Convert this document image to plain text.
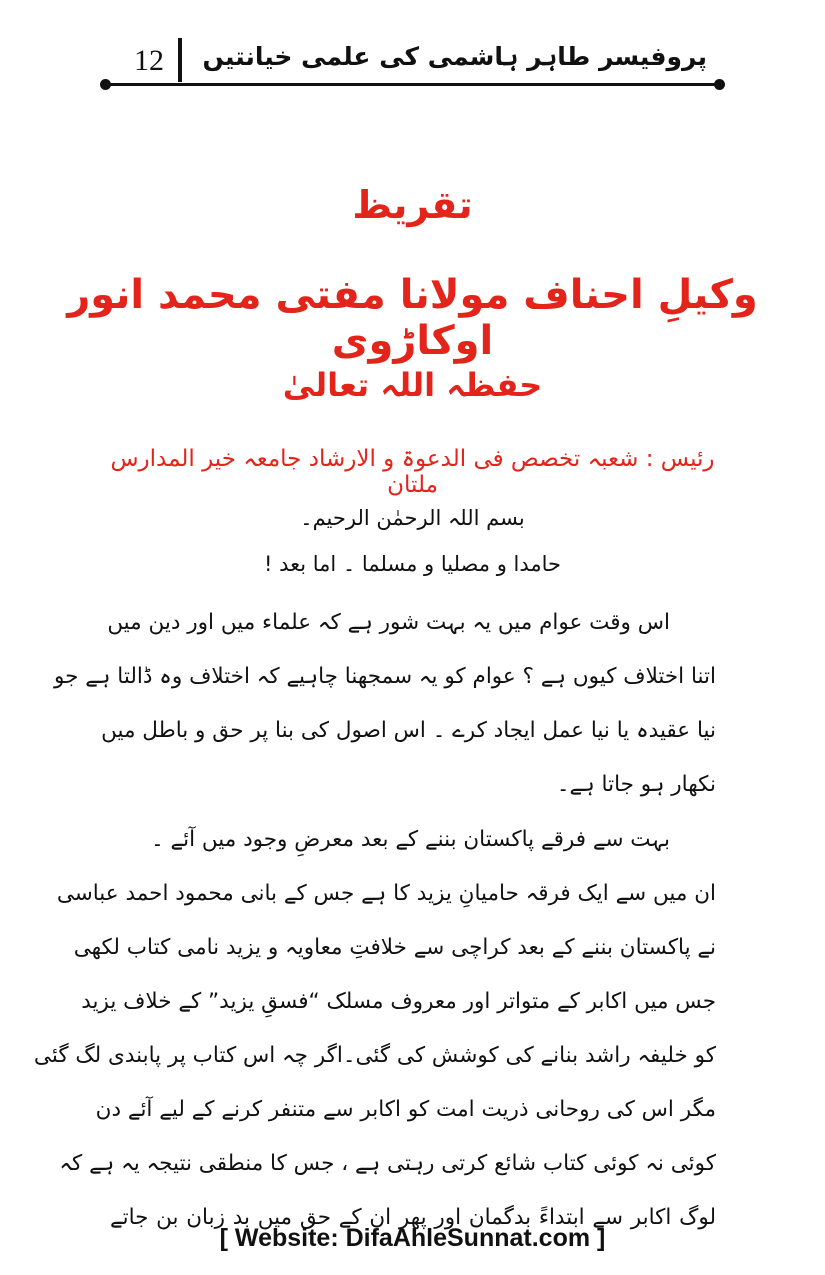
12 پروفیسر طاہر ہاشمی کی علمی خیانتیں
تقریظ
وکیلِ احناف مولانا مفتی محمد انور اوکاڑوی
حفظہ اللہ تعالیٰ
رئیس : شعبہ تخصص فی الدعوۃ و الارشاد جامعہ خیر المدارس ملتان
بسم اللہ الرحمٰن الرحیم۔
حامدا و مصلیا و مسلما ۔ اما بعد !
اس وقت عوام میں یہ بہت شور ہے کہ علماء میں اور دین میں
اتنا اختلاف کیوں ہے ؟ عوام کو یہ سمجھنا چاہیے کہ اختلاف وہ ڈالتا ہے جو
نیا عقیدہ یا نیا عمل ایجاد کرے ۔ اس اصول کی بنا پر حق و باطل میں
نکھار ہو جاتا ہے۔
بہت سے فرقے پاکستان بننے کے بعد معرضِ وجود میں آئے ۔
ان میں سے ایک فرقہ حامیانِ یزید کا ہے جس کے بانی محمود احمد عباسی
نے پاکستان بننے کے بعد کراچی سے خلافتِ معاویہ و یزید نامی کتاب لکھی
جس میں اکابر کے متواتر اور معروف مسلک “فسقِ یزید” کے خلاف یزید
کو خلیفہ راشد بنانے کی کوشش کی گئی۔اگر چہ اس کتاب پر پابندی لگ گئی
مگر اس کی روحانی ذریت امت کو اکابر سے متنفر کرنے کے لیے آئے دن
کوئی نہ کوئی کتاب شائع کرتی رہتی ہے ، جس کا منطقی نتیجہ یہ ہے کہ
لوگ اکابر سے ابتداءً بدگمان اور پھر ان کے حق میں بد زبان بن جاتے
[ Website: DifaAhleSunnat.com ]
